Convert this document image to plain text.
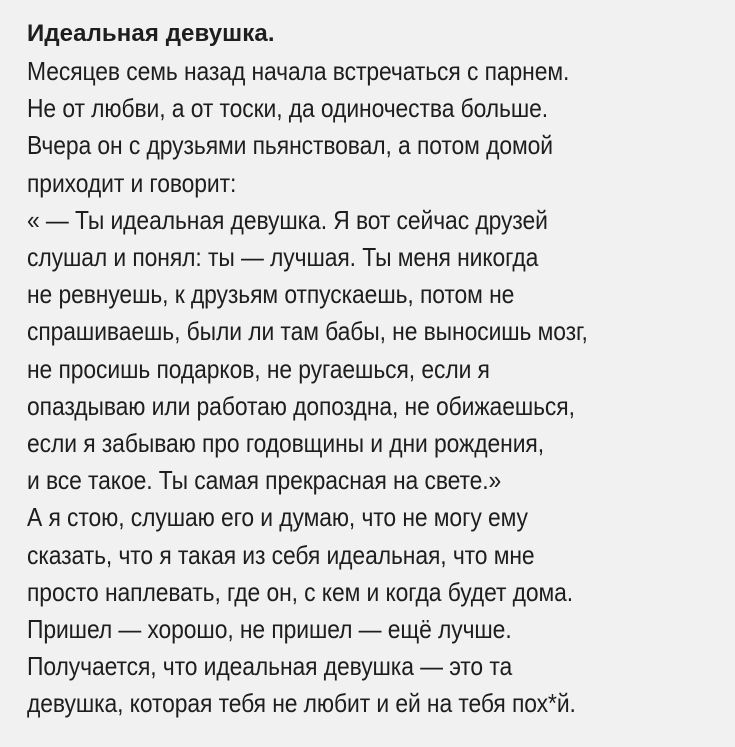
Идеальная девушка.
Месяцев семь назад начала встречаться с парнем.
Не от любви, а от тоски, да одиночества больше.
Вчера он с друзьями пьянствовал, а потом домой
приходит и говорит:
« — Ты идеальная девушка. Я вот сейчас друзей
слушал и понял: ты — лучшая. Ты меня никогда
не ревнуешь, к друзьям отпускаешь, потом не
спрашиваешь, были ли там бабы, не выносишь мозг,
не просишь подарков, не ругаешься, если я
опаздываю или работаю допоздна, не обижаешься,
если я забываю про годовщины и дни рождения,
и все такое. Ты самая прекрасная на свете.»
А я стою, слушаю его и думаю, что не могу ему
сказать, что я такая из себя идеальная, что мне
просто наплевать, где он, с кем и когда будет дома.
Пришел — хорошо, не пришел — ещё лучше.
Получается, что идеальная девушка — это та
девушка, которая тебя не любит и ей на тебя пох*й.
